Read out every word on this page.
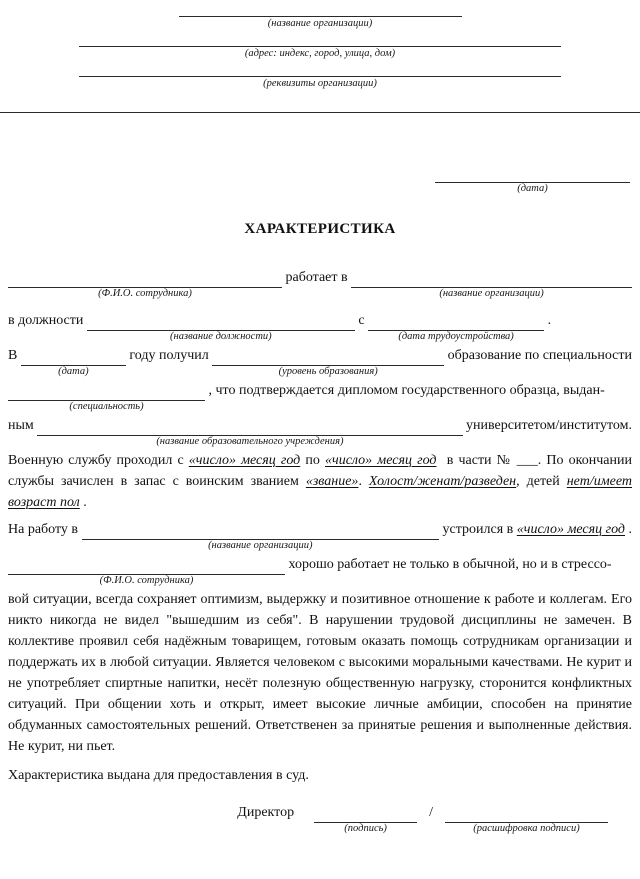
(название организации)
(адрес: индекс, город, улица, дом)
(реквизиты организации)
(дата)
ХАРАКТЕРИСТИКА
(Ф.И.О. сотрудника)
работает в
(название организации)
в должности
(название должности)
с
(дата трудоустройства)
.
В
(дата)
году получил
(уровень образования)
образование по специальности
(специальность)
, что подтверждается дипломом государственного образца, выдан-
ным
(название образовательного учреждения)
университетом/институтом.

Военную службу проходил с «число» месяц год по «число» месяц год  в части № ___. По окончании службы зачислен в запас с воинским званием «звание». Холост/женат/разведен, детей нет/имеет возраст пол .

На работу в
(название организации)
устроился в «число» месяц год .
(Ф.И.О. сотрудника)
хорошо работает не только в обычной, но и в стрессо-

вой ситуации, всегда сохраняет оптимизм, выдержку и позитивное отношение к работе и коллегам. Его никто никогда не видел "вышедшим из себя". В нарушении трудовой дисциплины не замечен. В коллективе проявил себя надёжным товарищем, готовым оказать помощь сотрудникам организации и поддержать их в любой ситуации. Является человеком с высокими моральными качествами. Не курит и не употребляет спиртные напитки, несёт полезную общественную нагрузку, сторонится конфликтных ситуаций. При общении хоть и открыт, имеет высокие личные амбиции, способен на принятие обдуманных самостоятельных решений. Ответственен за принятые решения и выполненные действия. Не курит, ни пьет.

Характеристика выдана для предоставления в суд.

Директор
(подпись)
/
(расшифровка подписи)
